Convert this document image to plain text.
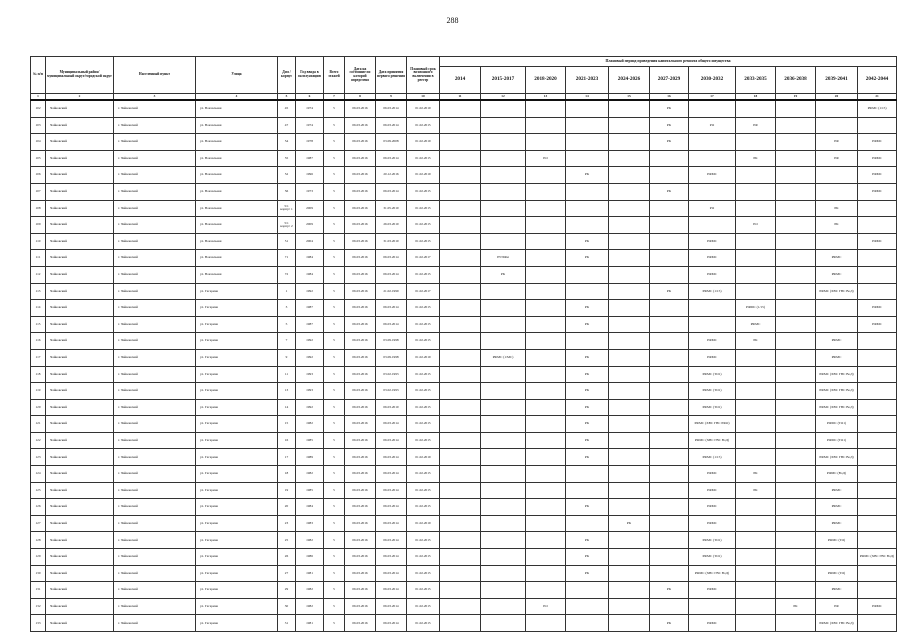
288
№ п/п	Муниципальный район/муниципальный округ/городской округ	Населенный пункт	Улица	Дом / корпус	Год ввода в эксплуатацию	Всего этажей	Дата на состояние по которой определено	Дата принятия первого решения	Плановый срок возможного включения в реестр	Плановый период проведения капитального ремонта общего имущества										
										2014	2015-2017	2018-2020	2021-2023	2024-2026	2027-2029	2030-2032	2033-2035	2036-2038	2039-2041	2042-2044
1	2	3	4	5	6	7	8	9	10	11	12	13	14	15	16	17	18	19	20	21
102	Чайковский	г. Чайковский	ул. Вокзальная	45	1974	5	06.03.2016	06.03.2014	01.02.2019						РК					РФМС (1/15)
103	Чайковский	г. Чайковский	ул. Вокзальная	47	1974	5	06.03.2016	06.03.2014	01.02.2015						РК	РО	РФ			
104	Чайковский	г. Чайковский	ул. Вокзальная	54	1978	5	06.03.2016	03.09.2008	01.02.2019						РК				РФ	РФМС
105	Чайковский	г. Чайковский	ул. Вокзальная	55	1987	5	06.03.2016	06.03.2014	01.02.2015			РО					РК		РФ	РФМС
106	Чайковский	г. Чайковский	ул. Вокзальная	52	1996	5	06.03.2016	20.12.2016	01.02.2019				РК			РФМС				РФМС
107	Чайковский	г. Чайковский	ул. Вокзальная	56	1973	5	06.03.2016	06.03.2014	01.02.2015						РК					РФМС
108	Чайковский	г. Чайковский	ул. Вокзальная	5/1 корпус 1	2009	5	06.03.2016	31.05.2010	01.02.2015							РО			РК	
109	Чайковский	г. Чайковский	ул. Вокзальная	5/1 корпус 2	2009	5	06.03.2016	26.03.2010	01.02.2015								РО		РК	
110	Чайковский	г. Чайковский	ул. Вокзальная	51	2004	5	06.03.2016	31.03.2010	01.02.2015				РК			РФМС				РФМС
111	Чайковский	г. Чайковский	ул. Вокзальная	71	1984	5	06.03.2016	06.03.2014	01.02.2017		РУПФм		РК			РФМС			РФМС	
112	Чайковский	г. Чайковский	ул. Вокзальная	72	1984	5	06.03.2016	06.03.2014	01.02.2015		РК					РФМС			РФМС	
113	Чайковский	г. Чайковский	ул. Гагарина	1	1992	5	06.03.2016	21.02.1999	01.02.2017						РК	РФМС (1/15)			РФМС (ХВС ГВС ВоД)	
114	Чайковский	г. Чайковский	ул. Гагарина	3	1987	5	06.03.2016	06.03.2014	01.02.2015				РК				РФМС (1/15)			РФМС
115	Чайковский	г. Чайковский	ул. Гагарина	5	1987	5	06.03.2016	06.03.2014	01.02.2015				РК				РФМС			РФМС
116	Чайковский	г. Чайковский	ул. Гагарина	7	1992	5	06.03.2016	03.09.1998	01.02.2015							РФМС	РК		РФМС	
117	Чайковский	г. Чайковский	ул. Гагарина	9	1992	5	06.03.2016	03.09.1998	01.02.2019		РФМС (1/МС)		РК			РФМС			РФМС	
118	Чайковский	г. Чайковский	ул. Гагарина	11	1993	5	06.03.2016	03.02.1993	01.02.2015				РК			РФМС (ТО1)			РФМС (ХВС ГВС ВоД)	
119	Чайковский	г. Чайковский	ул. Гагарина	13	1993	5	06.03.2016	03.02.1993	01.02.2015				РК			РФМС (ТО1)			РФМС (ХВС ГВС ВоД)	
120	Чайковский	г. Чайковский	ул. Гагарина	14	1992	5	06.03.2016	06.03.2010	01.02.2015				РК			РФМС (ТО1)			РФМС (ХВС ГВС ВоД)	
121	Чайковский	г. Чайковский	ул. Гагарина	15	1982	5	06.03.2016	06.03.2014	01.02.2015				РК			РФМС (ХВС ГВС РФО)			РФМС (ТО1)	
122	Чайковский	г. Чайковский	ул. Гагарина	16	1985	5	06.03.2016	06.03.2014	01.02.2015				РК			РФМС (ХВС ГВС ВоД)			РФМС (ТО1)	
123	Чайковский	г. Чайковский	ул. Гагарина	17	1989	5	06.03.2016	06.03.2014	01.02.2019				РК			РФМС (1/15)			РФМС (ХВС ГВС ВоД)	
124	Чайковский	г. Чайковский	ул. Гагарина	18	1982	5	06.03.2016	06.03.2014	01.02.2015							РФМС	РК		РФМС (ВоД)	
125	Чайковский	г. Чайковский	ул. Гагарина	19	1985	5	06.03.2016	06.03.2014	01.02.2015							РФМС	РК		РФМС	
126	Чайковский	г. Чайковский	ул. Гагарина	20	1984	5	06.03.2016	06.03.2014	01.02.2015				РК			РФМС			РФМС	
127	Чайковский	г. Чайковский	ул. Гагарина	23	1983	5	06.03.2016	06.03.2014	01.02.2019					РК		РФМС			РФМС	
128	Чайковский	г. Чайковский	ул. Гагарина	25	1982	5	06.03.2016	06.03.2014	01.02.2015				РК			РФМС (ТО1)			РФМС (ТО)	
129	Чайковский	г. Чайковский	ул. Гагарина	26	1986	5	06.03.2016	06.03.2014	01.02.2015				РК			РФМС (ТО1)				РФМС (ХВС ГВС ВоД)
130	Чайковский	г. Чайковский	ул. Гагарина	27	1981	5	06.03.2016	06.03.2014	01.02.2015				РК			РФМС (ХВС ГВС ВоД)			РФМС (ТО)	
131	Чайковский	г. Чайковский	ул. Гагарина	29	1982	5	06.03.2016	06.03.2014	01.02.2015						РК	РФМС			РФМС	
132	Чайковский	г. Чайковский	ул. Гагарина	30	1982	5	06.03.2016	06.03.2014	01.02.2015			РО						РК	РФ	РФМС
133	Чайковский	г. Чайковский	ул. Гагарина	31	1981	5	06.03.2016	06.03.2014	01.02.2015						РК	РФМС			РФМС (ХВС ГВС ВоД)	
